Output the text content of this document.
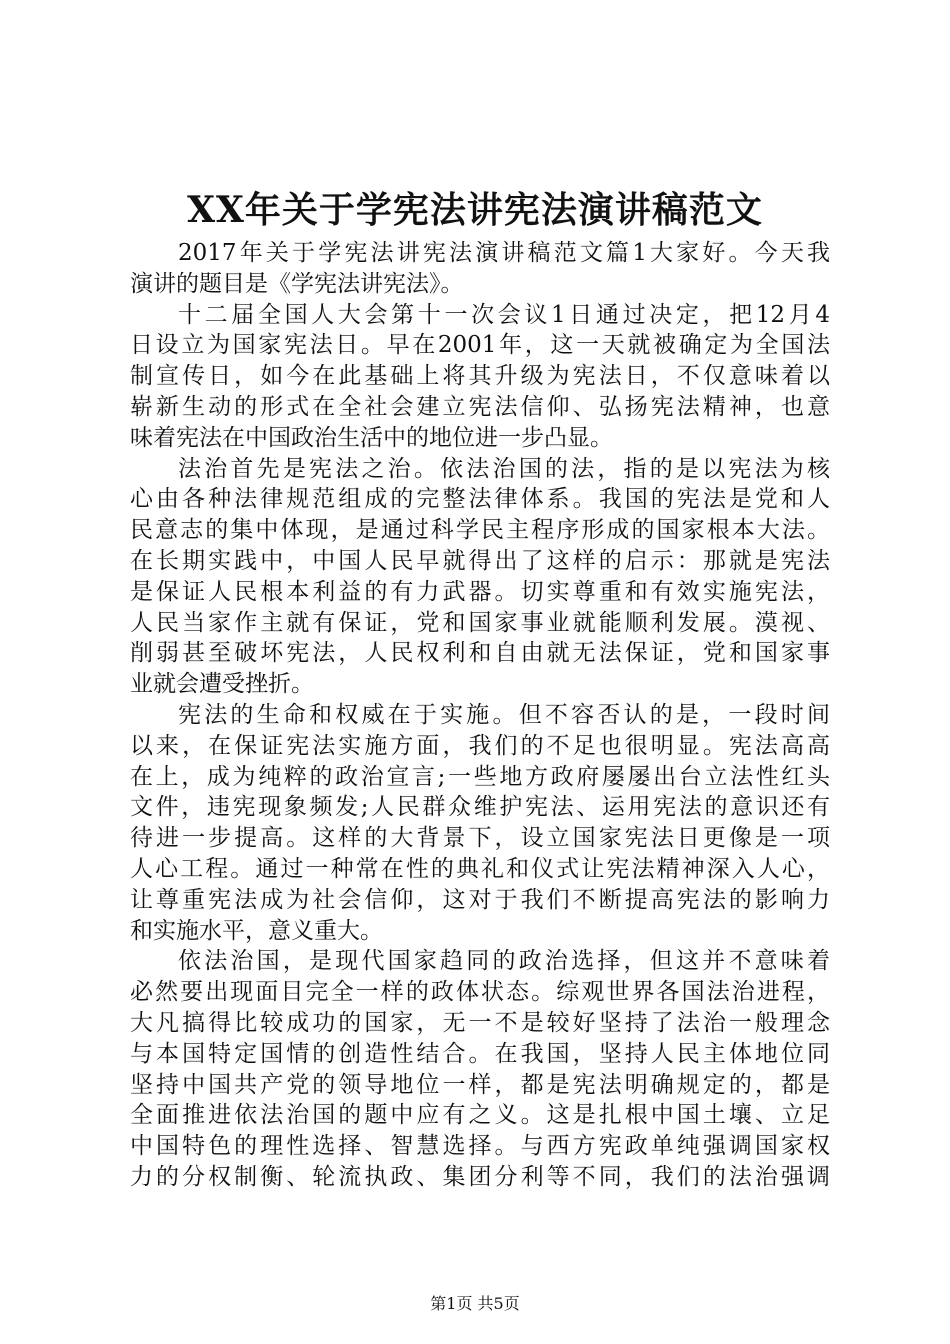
XX年关于学宪法讲宪法演讲稿范文
2017年关于学宪法讲宪法演讲稿范文篇1大家好。今天我
演讲的题目是《学宪法讲宪法》。
十二届全国人大会第十一次会议1日通过决定，把12月4
日设立为国家宪法日。早在2001年，这一天就被确定为全国法
制宣传日，如今在此基础上将其升级为宪法日，不仅意味着以
崭新生动的形式在全社会建立宪法信仰、弘扬宪法精神，也意
味着宪法在中国政治生活中的地位进一步凸显。
法治首先是宪法之治。依法治国的法，指的是以宪法为核
心由各种法律规范组成的完整法律体系。我国的宪法是党和人
民意志的集中体现，是通过科学民主程序形成的国家根本大法。
在长期实践中，中国人民早就得出了这样的启示：那就是宪法
是保证人民根本利益的有力武器。切实尊重和有效实施宪法，
人民当家作主就有保证，党和国家事业就能顺利发展。漠视、
削弱甚至破坏宪法，人民权利和自由就无法保证，党和国家事
业就会遭受挫折。
宪法的生命和权威在于实施。但不容否认的是，一段时间
以来，在保证宪法实施方面，我们的不足也很明显。宪法高高
在上，成为纯粹的政治宣言;一些地方政府屡屡出台立法性红头
文件，违宪现象频发;人民群众维护宪法、运用宪法的意识还有
待进一步提高。这样的大背景下，设立国家宪法日更像是一项
人心工程。通过一种常在性的典礼和仪式让宪法精神深入人心，
让尊重宪法成为社会信仰，这对于我们不断提高宪法的影响力
和实施水平，意义重大。
依法治国，是现代国家趋同的政治选择，但这并不意味着
必然要出现面目完全一样的政体状态。综观世界各国法治进程，
大凡搞得比较成功的国家，无一不是较好坚持了法治一般理念
与本国特定国情的创造性结合。在我国，坚持人民主体地位同
坚持中国共产党的领导地位一样，都是宪法明确规定的，都是
全面推进依法治国的题中应有之义。这是扎根中国土壤、立足
中国特色的理性选择、智慧选择。与西方宪政单纯强调国家权
力的分权制衡、轮流执政、集团分利等不同，我们的法治强调
第1页 共5页
